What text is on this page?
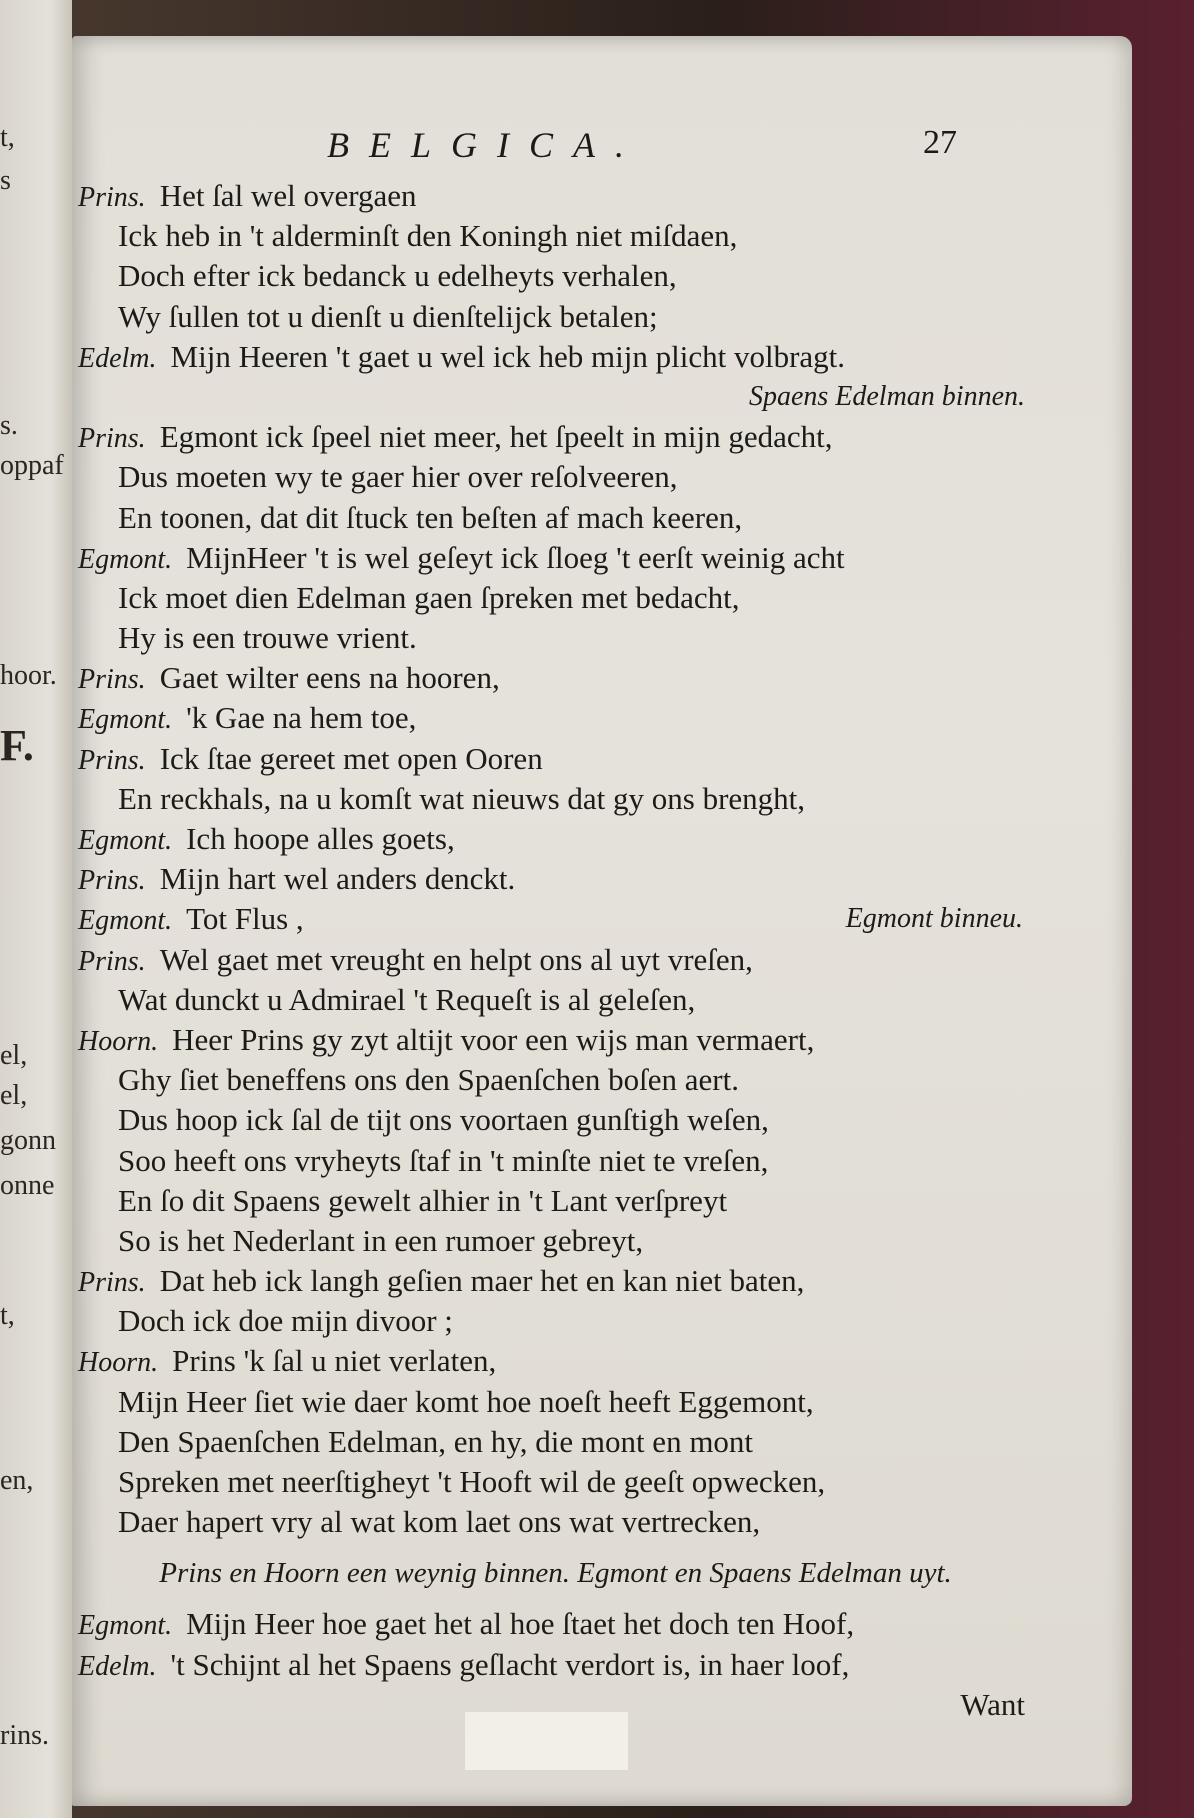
t,
s
s.
oppaf
hoor.
F.
el,
el,
gonn
onne
t,
en,
rins.
BELGICA.	27
Prins. Het ſal wel overgaen
Ick heb in 't alderminſt den Koningh niet miſdaen,
Doch efter ick bedanck u edelheyts verhalen,
Wy ſullen tot u dienſt u dienſtelijck betalen;
Edelm. Mijn Heeren 't gaet u wel ick heb mijn plicht volbragt.
Spaens Edelman binnen.
Prins. Egmont ick ſpeel niet meer, het ſpeelt in mijn gedacht,
Dus moeten wy te gaer hier over reſolveeren,
En toonen, dat dit ſtuck ten beſten af mach keeren,
Egmont. MijnHeer 't is wel geſeyt ick ſloeg 't eerſt weinig acht
Ick moet dien Edelman gaen ſpreken met bedacht,
Hy is een trouwe vrient.
Prins. Gaet wilter eens na hooren,
Egmont. 'k Gae na hem toe,
Prins. Ick ſtae gereet met open Ooren
En reckhals, na u komſt wat nieuws dat gy ons brenght,
Egmont. Ich hoope alles goets,
Prins. Mijn hart wel anders denckt.
Egmont. Tot Flus ,	Egmont binneu.
Prins. Wel gaet met vreught en helpt ons al uyt vreſen,
Wat dunckt u Admirael 't Requeſt is al geleſen,
Hoorn. Heer Prins gy zyt altijt voor een wijs man vermaert,
Ghy ſiet beneffens ons den Spaenſchen boſen aert.
Dus hoop ick ſal de tijt ons voortaen gunſtigh weſen,
Soo heeft ons vryheyts ſtaf in 't minſte niet te vreſen,
En ſo dit Spaens gewelt alhier in 't Lant verſpreyt
So is het Nederlant in een rumoer gebreyt,
Prins. Dat heb ick langh geſien maer het en kan niet baten,
Doch ick doe mijn divoor ;
Hoorn. Prins 'k ſal u niet verlaten,
Mijn Heer ſiet wie daer komt hoe noeſt heeft Eggemont,
Den Spaenſchen Edelman, en hy, die mont en mont
Spreken met neerſtigheyt 't Hooft wil de geeſt opwecken,
Daer hapert vry al wat kom laet ons wat vertrecken,
Prins en Hoorn een weynig binnen. Egmont en Spaens Edelman uyt.
Egmont. Mijn Heer hoe gaet het al hoe ſtaet het doch ten Hoof,
Edelm. 't Schijnt al het Spaens geſlacht verdort is, in haer loof,
Want
